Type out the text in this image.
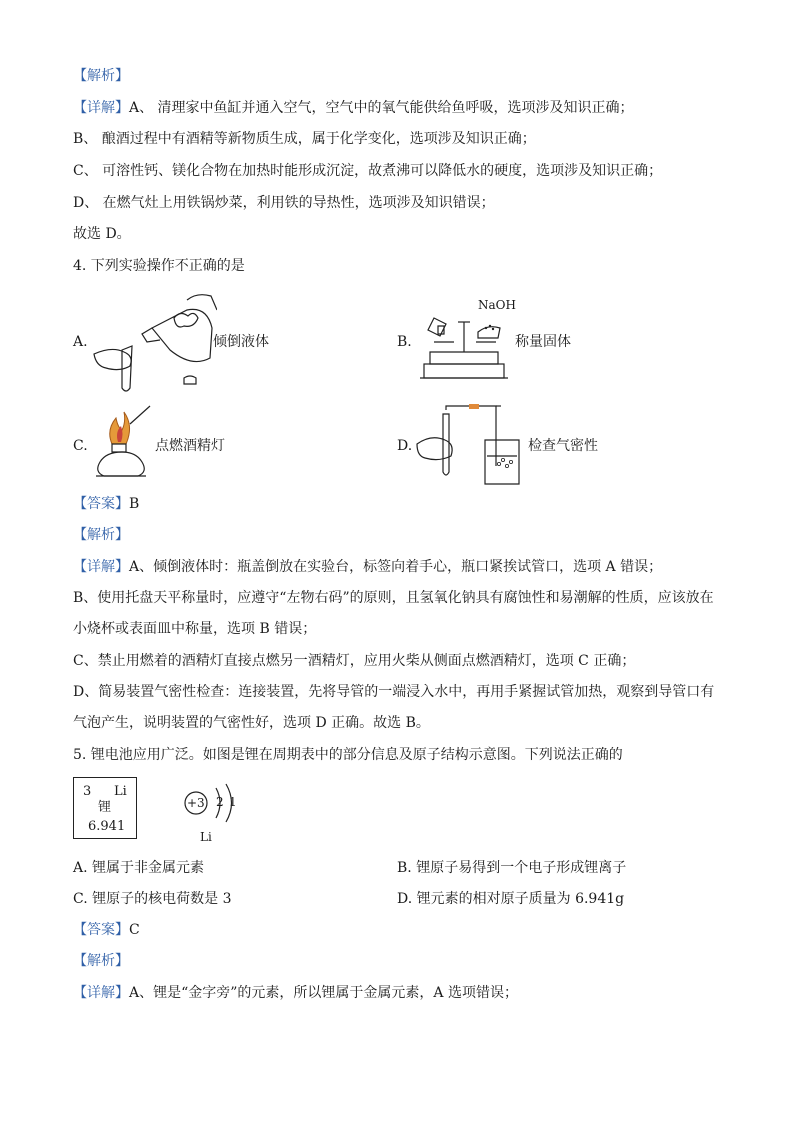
【解析】
【详解】A、 清理家中鱼缸并通入空气，空气中的氧气能供给鱼呼吸，选项涉及知识正确；
B、 酿酒过程中有酒精等新物质生成，属于化学变化，选项涉及知识正确；
C、 可溶性钙、镁化合物在加热时能形成沉淀，故煮沸可以降低水的硬度，选项涉及知识正确；
D、 在燃气灶上用铁锅炒菜，利用铁的导热性，选项涉及知识错误；
故选 D。
4. 下列实验操作不正确的是
A.	倾倒液体	B.
NaOH
称量固体
C.	点燃酒精灯	D.	检查气密性
【答案】B
【解析】
【详解】A、倾倒液体时：瓶盖倒放在实验台，标签向着手心，瓶口紧挨试管口，选项 A 错误；
B、使用托盘天平称量时，应遵守“左物右码”的原则，且氢氧化钠具有腐蚀性和易潮解的性质，应该放在
小烧杯或表面皿中称量，选项 B 错误；
C、禁止用燃着的酒精灯直接点燃另一酒精灯，应用火柴从侧面点燃酒精灯，选项 C 正确；
D、简易装置气密性检查：连接装置，先将导管的一端浸入水中，再用手紧握试管加热，观察到导管口有
气泡产生，说明装置的气密性好，选项 D 正确。故选 B。
5. 锂电池应用广泛。如图是锂在周期表中的部分信息及原子结构示意图。下列说法正确的
3 Li
锂
6.941
+3 2 1
Li
A. 锂属于非金属元素	B. 锂原子易得到一个电子形成锂离子
C. 锂原子的核电荷数是 3	D. 锂元素的相对原子质量为 6.941g
【答案】C
【解析】
【详解】A、锂是“金字旁”的元素，所以锂属于金属元素，A 选项错误；
